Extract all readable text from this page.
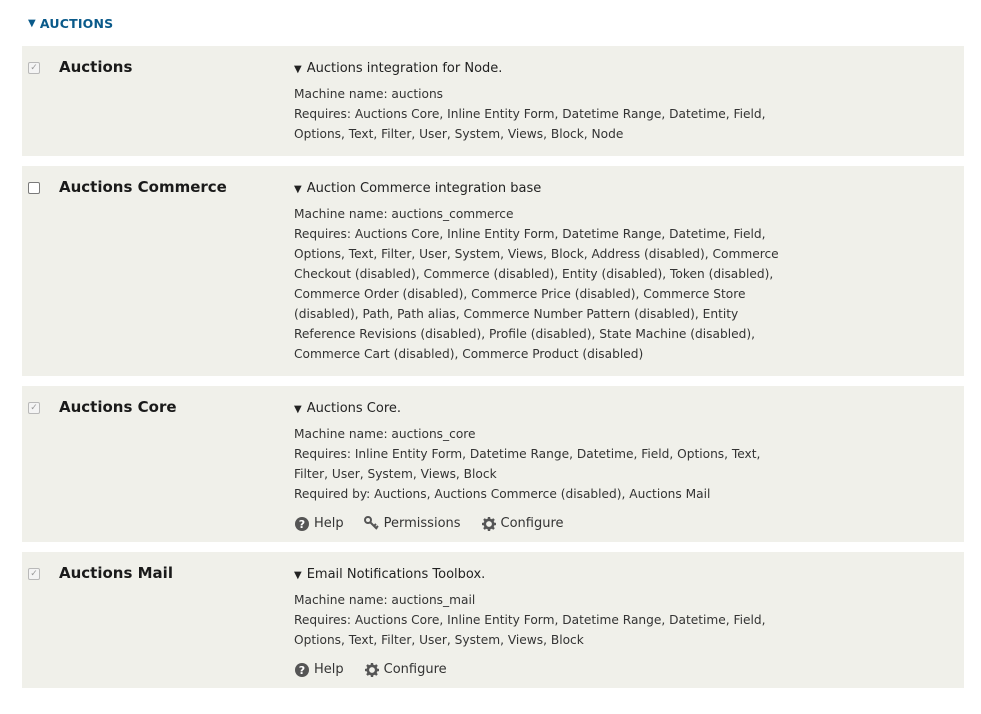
▼ AUCTIONS
✓ Auctions	▼ Auctions integration for Node.
Machine name: auctions
Requires: Auctions Core, Inline Entity Form, Datetime Range, Datetime, Field, Options, Text, Filter, User, System, Views, Block, Node
Auctions Commerce	▼ Auction Commerce integration base
Machine name: auctions_commerce
Requires: Auctions Core, Inline Entity Form, Datetime Range, Datetime, Field, Options, Text, Filter, User, System, Views, Block, Address (disabled), Commerce Checkout (disabled), Commerce (disabled), Entity (disabled), Token (disabled), Commerce Order (disabled), Commerce Price (disabled), Commerce Store (disabled), Path, Path alias, Commerce Number Pattern (disabled), Entity Reference Revisions (disabled), Profile (disabled), State Machine (disabled), Commerce Cart (disabled), Commerce Product (disabled)
✓ Auctions Core	▼ Auctions Core.
Machine name: auctions_core
Requires: Inline Entity Form, Datetime Range, Datetime, Field, Options, Text, Filter, User, System, Views, Block
Required by: Auctions, Auctions Commerce (disabled), Auctions Mail
? Help	Permissions	Configure
✓ Auctions Mail	▼ Email Notifications Toolbox.
Machine name: auctions_mail
Requires: Auctions Core, Inline Entity Form, Datetime Range, Datetime, Field, Options, Text, Filter, User, System, Views, Block
? Help	Configure
